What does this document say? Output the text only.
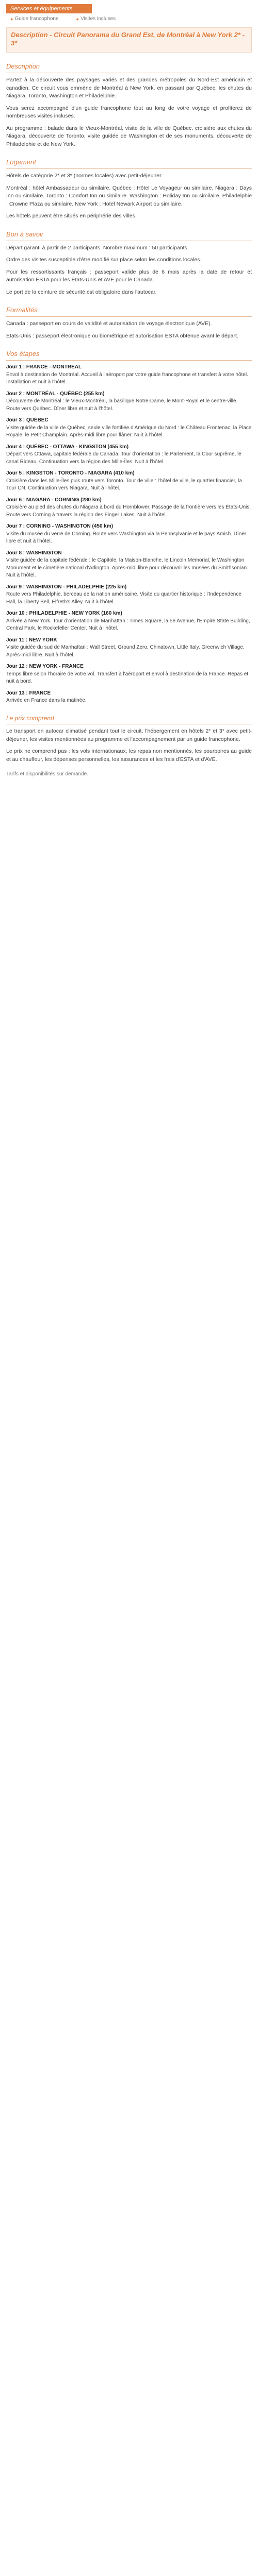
Services et équipements
● Guide francophone	● Visites incluses
Description - Circuit Panorama du Grand Est, de Montréal à New York 2* - 3*
Description

Partez à la découverte des paysages variés et des grandes métropoles du Nord-Est américain et canadien. Ce circuit vous emmène de Montréal à New York, en passant par Québec, les chutes du Niagara, Toronto, Washington et Philadelphie.

Vous serez accompagné d'un guide francophone tout au long de votre voyage et profiterez de nombreuses visites incluses.

Au programme : balade dans le Vieux-Montréal, visite de la ville de Québec, croisière aux chutes du Niagara, découverte de Toronto, visite guidée de Washington et de ses monuments, découverte de Philadelphie et de New York.

Logement

Hôtels de catégorie 2* et 3* (normes locales) avec petit-déjeuner.

Montréal : hôtel Ambassadeur ou similaire. Québec : Hôtel Le Voyageur ou similaire. Niagara : Days Inn ou similaire. Toronto : Comfort Inn ou similaire. Washington : Holiday Inn ou similaire. Philadelphie : Crowne Plaza ou similaire. New York : Hotel Newark Airport ou similaire.

Les hôtels peuvent être situés en périphérie des villes.

Bon à savoir

Départ garanti à partir de 2 participants. Nombre maximum : 50 participants.

Ordre des visites susceptible d'être modifié sur place selon les conditions locales.

Pour les ressortissants français : passeport valide plus de 6 mois après la date de retour et autorisation ESTA pour les États-Unis et AVE pour le Canada.

Le port de la ceinture de sécurité est obligatoire dans l'autocar.

Formalités

Canada : passeport en cours de validité et autorisation de voyage électronique (AVE).

États-Unis : passeport électronique ou biométrique et autorisation ESTA obtenue avant le départ.

Vos étapes
Jour 1 : FRANCE - MONTRÉAL
Envol à destination de Montréal. Accueil à l'aéroport par votre guide francophone et transfert à votre hôtel. Installation et nuit à l'hôtel.
Jour 2 : MONTRÉAL - QUÉBEC (255 km)
Découverte de Montréal : le Vieux-Montréal, la basilique Notre-Dame, le Mont-Royal et le centre-ville. Route vers Québec. Dîner libre et nuit à l'hôtel.
Jour 3 : QUÉBEC
Visite guidée de la ville de Québec, seule ville fortifiée d'Amérique du Nord : le Château Frontenac, la Place Royale, le Petit Champlain. Après-midi libre pour flâner. Nuit à l'hôtel.
Jour 4 : QUÉBEC - OTTAWA - KINGSTON (455 km)
Départ vers Ottawa, capitale fédérale du Canada. Tour d'orientation : le Parlement, la Cour suprême, le canal Rideau. Continuation vers la région des Mille-Îles. Nuit à l'hôtel.
Jour 5 : KINGSTON - TORONTO - NIAGARA (410 km)
Croisière dans les Mille-Îles puis route vers Toronto. Tour de ville : l'hôtel de ville, le quartier financier, la Tour CN. Continuation vers Niagara. Nuit à l'hôtel.
Jour 6 : NIAGARA - CORNING (280 km)
Croisière au pied des chutes du Niagara à bord du Hornblower. Passage de la frontière vers les États-Unis. Route vers Corning à travers la région des Finger Lakes. Nuit à l'hôtel.
Jour 7 : CORNING - WASHINGTON (450 km)
Visite du musée du verre de Corning. Route vers Washington via la Pennsylvanie et le pays Amish. Dîner libre et nuit à l'hôtel.
Jour 8 : WASHINGTON
Visite guidée de la capitale fédérale : le Capitole, la Maison-Blanche, le Lincoln Memorial, le Washington Monument et le cimetière national d'Arlington. Après-midi libre pour découvrir les musées du Smithsonian. Nuit à l'hôtel.
Jour 9 : WASHINGTON - PHILADELPHIE (225 km)
Route vers Philadelphie, berceau de la nation américaine. Visite du quartier historique : l'Independence Hall, la Liberty Bell, Elfreth's Alley. Nuit à l'hôtel.
Jour 10 : PHILADELPHIE - NEW YORK (160 km)
Arrivée à New York. Tour d'orientation de Manhattan : Times Square, la 5e Avenue, l'Empire State Building, Central Park, le Rockefeller Center. Nuit à l'hôtel.
Jour 11 : NEW YORK
Visite guidée du sud de Manhattan : Wall Street, Ground Zero, Chinatown, Little Italy, Greenwich Village. Après-midi libre. Nuit à l'hôtel.
Jour 12 : NEW YORK - FRANCE
Temps libre selon l'horaire de votre vol. Transfert à l'aéroport et envol à destination de la France. Repas et nuit à bord.
Jour 13 : FRANCE
Arrivée en France dans la matinée.
Le prix comprend

Le transport en autocar climatisé pendant tout le circuit, l'hébergement en hôtels 2* et 3* avec petit-déjeuner, les visites mentionnées au programme et l'accompagnement par un guide francophone.

Le prix ne comprend pas : les vols internationaux, les repas non mentionnés, les pourboires au guide et au chauffeur, les dépenses personnelles, les assurances et les frais d'ESTA et d'AVE.

Tarifs et disponibilités sur demande.
